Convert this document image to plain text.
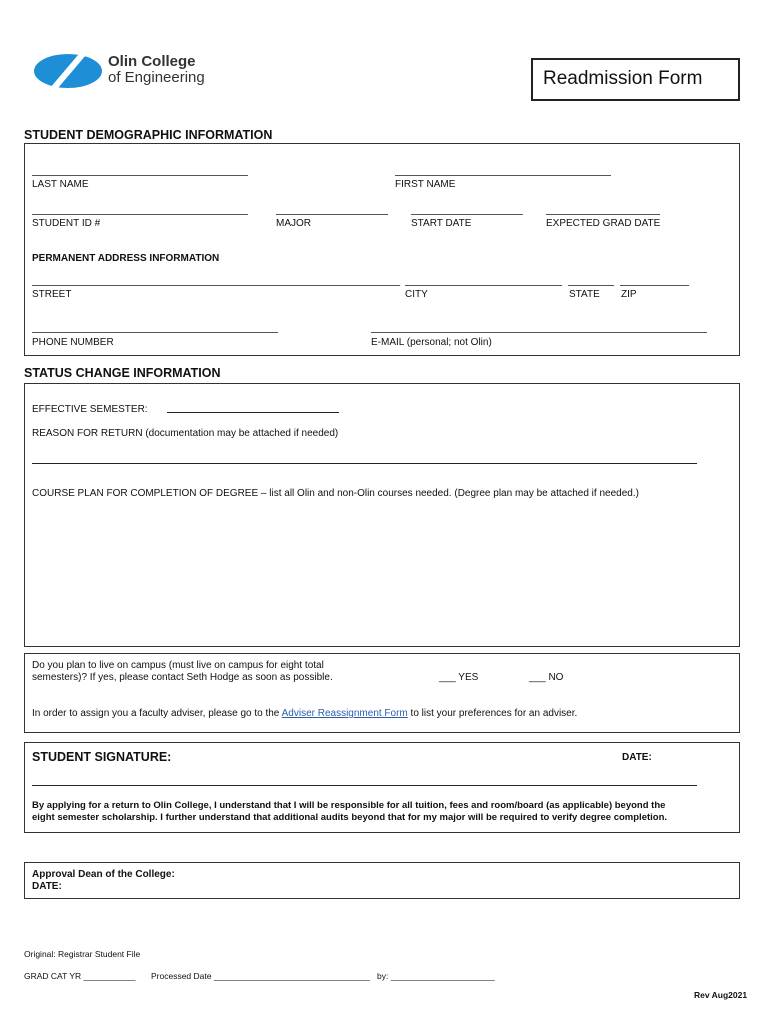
Olin College
of Engineering	Readmission Form
STUDENT DEMOGRAPHIC INFORMATION
LAST NAME	FIRST NAME
STUDENT ID #	MAJOR	START DATE	EXPECTED GRAD DATE
PERMANENT ADDRESS INFORMATION
STREET	CITY	STATE ZIP
PHONE NUMBER	E-MAIL (personal; not Olin)
STATUS CHANGE INFORMATION
EFFECTIVE SEMESTER:
REASON FOR RETURN (documentation may be attached if needed)
COURSE PLAN FOR COMPLETION OF DEGREE – list all Olin and non-Olin courses needed. (Degree plan may be attached if needed.)
Do you plan to live on campus (must live on campus for eight total
semesters)? If yes, please contact Seth Hodge as soon as possible.	___ YES	___ NO
In order to assign you a faculty adviser, please go to the Adviser Reassignment Form to list your preferences for an adviser.
STUDENT SIGNATURE:	DATE:
By applying for a return to Olin College, I understand that I will be responsible for all tuition, fees and room/board (as applicable) beyond the
eight semester scholarship. I further understand that additional audits beyond that for my major will be required to verify degree completion.
Approval Dean of the College:
DATE:
Original: Registrar Student File
GRAD CAT YR ___________ Processed Date _________________________________ by: ______________________
Rev Aug2021
